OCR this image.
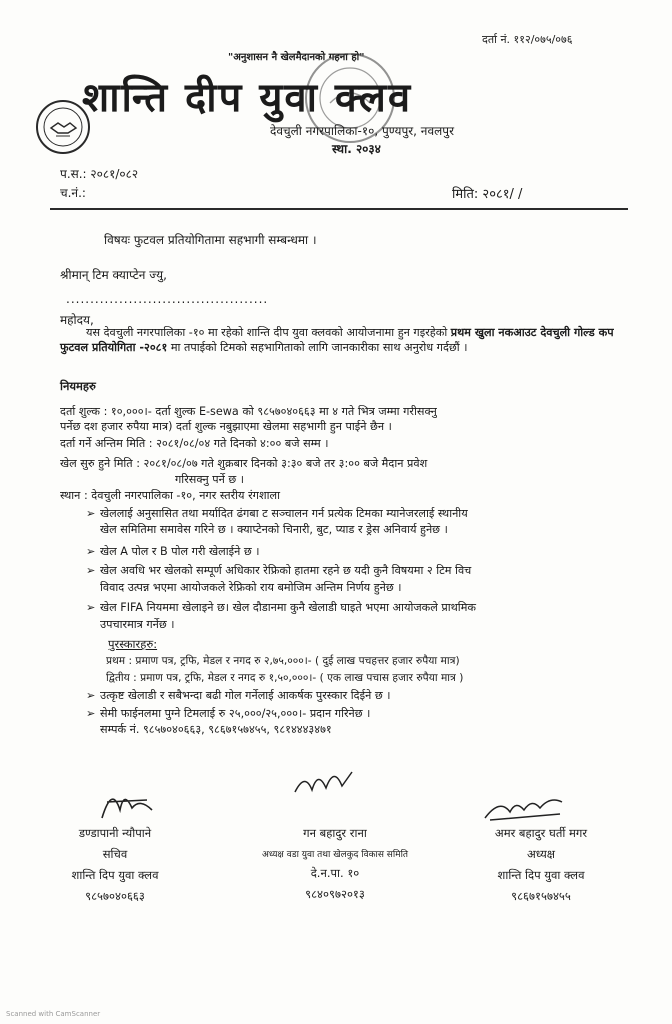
दर्ता नं. ११२/०७५/०७६
"अनुशासन नै खेलमैदानको गहना हो"
शान्ति दीप युवा क्लव
देवचुली नगरपालिका-१०, पुण्यपुर, नवलपुर
स्था. २०३४
प.स.: २०८१/०८२
च.नं.:	मिति: २०८१/ /
विषयः फुटवल प्रतियोगितामा सहभागी सम्बन्धमा ।
श्रीमान् टिम क्याप्टेन ज्यु,
..........................................
महोदय,
यस देवचुली नगरपालिका -१० मा रहेको शान्ति दीप युवा क्लवको आयोजनामा हुन गइरहेको प्रथम खुला नकआउट देवचुली गोल्ड कप फुटवल प्रतियोगिता -२०८१ मा तपाईको टिमको सहभागिताको लागि जानकारीका साथ अनुरोध गर्दछौं ।
नियमहरु
दर्ता शुल्क : १०,०००।- दर्ता शुल्क E-sewa को ९८५७०४०६६३ मा ४ गते भित्र जम्मा गरीसक्नु
पर्नेछ दश हजार रुपैया मात्र) दर्ता शुल्क नबुझाएमा खेलमा सहभागी हुन पाईने छैन ।
दर्ता गर्ने अन्तिम मिति : २०८१/०८/०४ गते दिनको ४:०० बजे सम्म ।
खेल सुरु हुने मिति : २०८१/०८/०७ गते शुक्रबार दिनको ३:३० बजे तर ३:०० बजे मैदान प्रवेश
गरिसक्नु पर्ने छ ।
स्थान : देवचुली नगरपालिका -१०, नगर स्तरीय रंगशाला
➢ खेललाई अनुसासित तथा मर्यादित ढंगबा ट सञ्चालन गर्न प्रत्येक टिमका म्यानेजरलाई स्थानीय
खेल समितिमा समावेस गरिने छ । क्याप्टेनको चिनारी, बुट, प्याड र ड्रेस अनिवार्य हुनेछ ।
➢ खेल A पोल र B पोल गरी खेलाईने छ ।
➢ खेल अवधि भर खेलको सम्पूर्ण अधिकार रेफ्रिको हातमा रहने छ यदी कुनै विषयमा २ टिम विच
विवाद उत्पन्न भएमा आयोजकले रेफ्रिको राय बमोजिम अन्तिम निर्णय हुनेछ ।
➢ खेल FIFA नियममा खेलाइने छ। खेल दौडानमा कुनै खेलाडी घाइते भएमा आयोजकले प्राथमिक
उपचारमात्र गर्नेछ ।
पुरस्कारहरु:
प्रथम : प्रमाण पत्र, ट्रफि, मेडल र नगद रु २,७५,०००।- ( दुई लाख पचहत्तर हजार रुपैया मात्र)
द्वितीय : प्रमाण पत्र, ट्रफि, मेडल र नगद रु १,५०,०००।- ( एक लाख पचास हजार रुपैया मात्र )
➢ उत्कृष्ट खेलाडी र सबैभन्दा बढी गोल गर्नेलाई आकर्षक पुरस्कार दिईने छ ।
➢ सेमी फाईनलमा पुग्ने टिमलाई रु २५,०००/२५,०००।- प्रदान गरिनेछ ।
सम्पर्क नं. ९८५७०४०६६३, ९८६७१५७४५५, ९८१४४४३४७१
डण्डापानी न्यौपाने
सचिव
शान्ति दिप युवा क्लव
९८५७०४०६६३
गन बहादुर राना
अध्यक्ष वडा युवा तथा खेलकुद विकास समिति
दे.न.पा. १०
९८४०९७२०१३
अमर बहादुर घर्ती मगर
अध्यक्ष
शान्ति दिप युवा क्लव
९८६७१५७४५५
Scanned with CamScanner
